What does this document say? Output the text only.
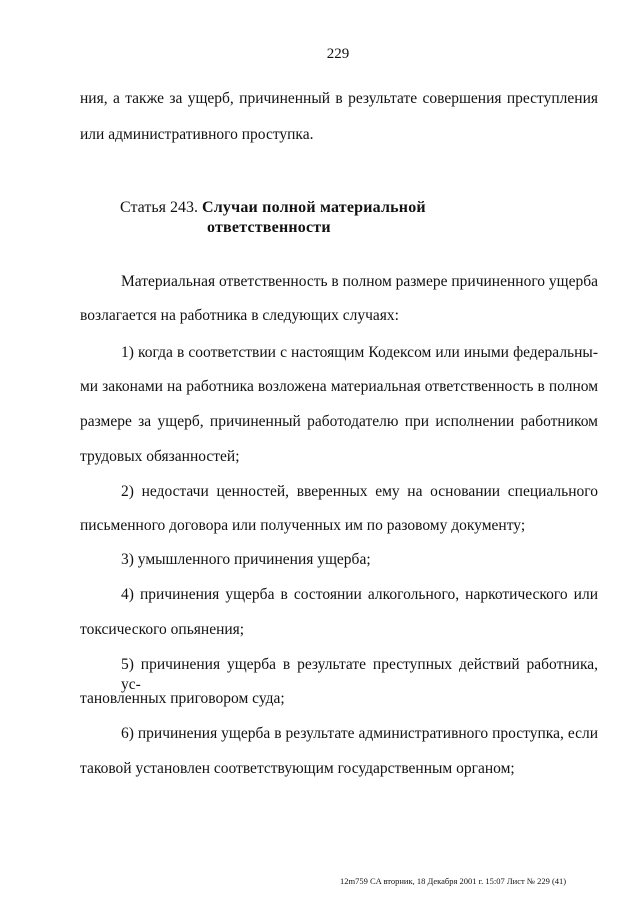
229
ния, а также за ущерб, причиненный в результате совершения преступления
или административного проступка.
Статья 243. Случаи полной материальной
ответственности
Материальная ответственность в полном размере причиненного ущерба
возлагается на работника в следующих случаях:
1) когда в соответствии с настоящим Кодексом или иными федеральны-
ми законами на работника возложена материальная ответственность в полном
размере за ущерб, причиненный работодателю при исполнении работником
трудовых обязанностей;
2) недостачи ценностей, вверенных ему на основании специального
письменного договора или полученных им по разовому документу;
3) умышленного причинения ущерба;
4) причинения ущерба в состоянии алкогольного, наркотического или
токсического опьянения;
5) причинения ущерба в результате преступных действий работника, ус-
тановленных приговором суда;
6) причинения ущерба в результате административного проступка, если
таковой установлен соответствующим государственным органом;
12m759 CA вторник, 18 Декабря 2001 г. 15:07 Лист № 229 (41)
